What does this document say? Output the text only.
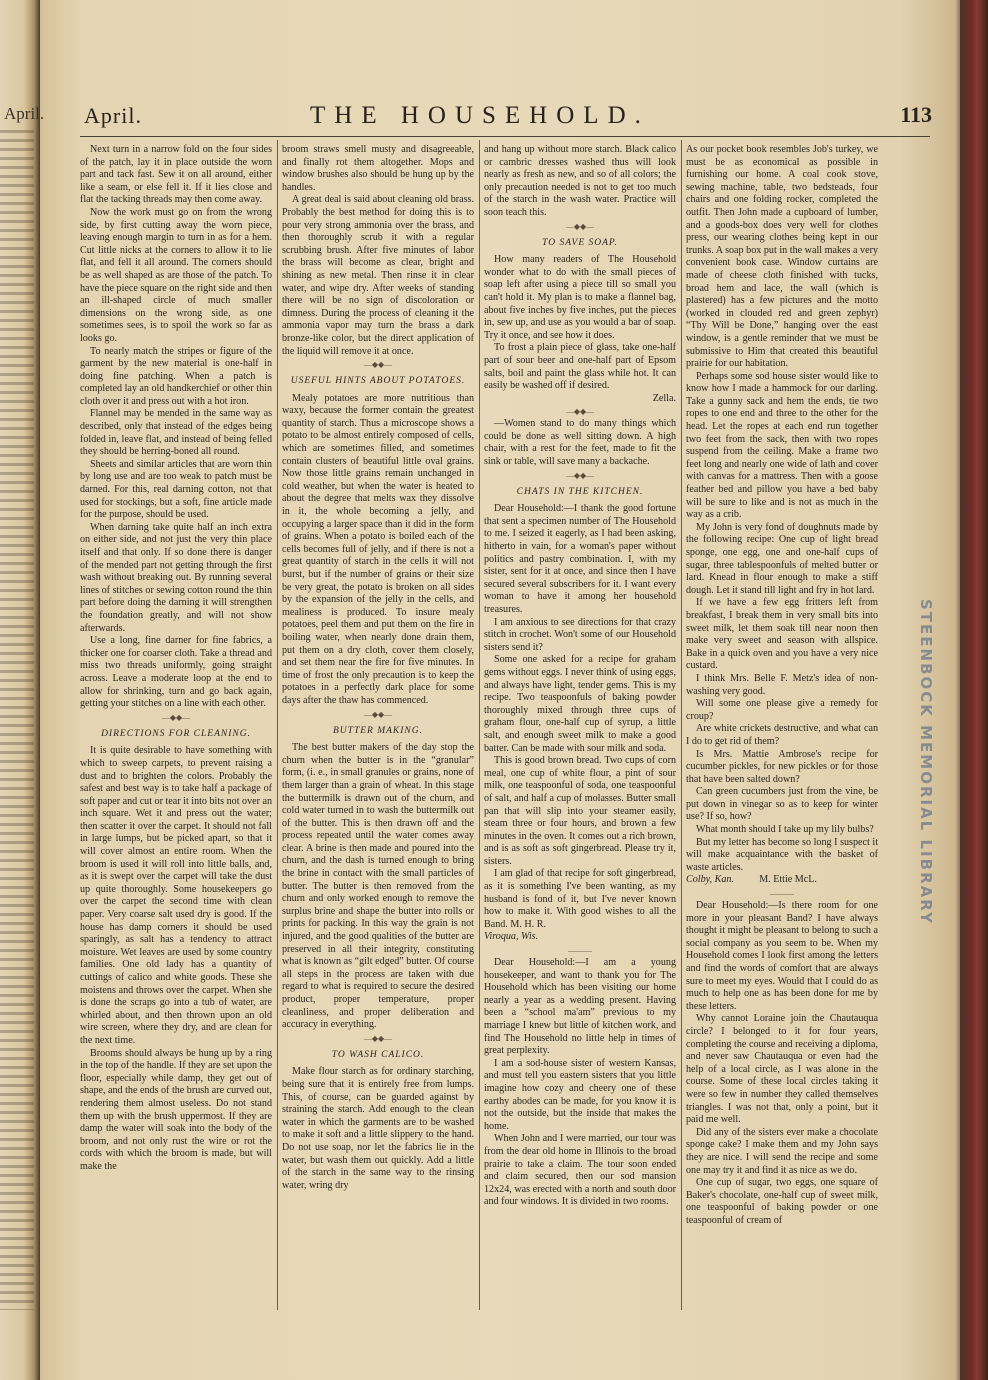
April.
STEENBOCK MEMORIAL LIBRARY
April.	THE HOUSEHOLD.	113

Next turn in a narrow fold on the four sides of the patch, lay it in place outside the worn part and tack fast. Sew it on all around, either like a seam, or else fell it. If it lies close and flat the tacking threads may then come away.

Now the work must go on from the wrong side, by first cutting away the worn piece, leaving enough margin to turn in as for a hem. Cut little nicks at the corners to allow it to lie flat, and fell it all around. The corners should be as well shaped as are those of the patch. To have the piece square on the right side and then an ill-shaped circle of much smaller dimensions on the wrong side, as one sometimes sees, is to spoil the work so far as looks go.

To nearly match the stripes or figure of the garment by the new material is one-half in doing fine patching. When a patch is completed lay an old handkerchief or other thin cloth over it and press out with a hot iron.

Flannel may be mended in the same way as described, only that instead of the edges being folded in, leave flat, and instead of being felled they should be herring-boned all round.

Sheets and similar articles that are worn thin by long use and are too weak to patch must be darned. For this, real darning cotton, not that used for stockings, but a soft, fine article made for the purpose, should be used.

When darning take quite half an inch extra on either side, and not just the very thin place itself and that only. If so done there is danger of the mended part not getting through the first wash without breaking out. By running several lines of stitches or sewing cotton round the thin part before doing the darning it will strengthen the foundation greatly, and will not show afterwards.

Use a long, fine darner for fine fabrics, a thicker one for coarser cloth. Take a thread and miss two threads uniformly, going straight across. Leave a moderate loop at the end to allow for shrinking, turn and go back again, getting your stitches on a line with each other.

—◆◆—

DIRECTIONS FOR CLEANING.

It is quite desirable to have something with which to sweep carpets, to prevent raising a dust and to brighten the colors. Probably the safest and best way is to take half a package of soft paper and cut or tear it into bits not over an inch square. Wet it and press out the water; then scatter it over the carpet. It should not fall in large lumps, but be picked apart, so that it will cover almost an entire room. When the broom is used it will roll into little balls, and, as it is swept over the carpet will take the dust up quite thoroughly. Some housekeepers go over the carpet the second time with clean paper. Very coarse salt used dry is good. If the house has damp corners it should be used sparingly, as salt has a tendency to attract moisture. Wet leaves are used by some country families. One old lady has a quantity of cuttings of calico and white goods. These she moistens and throws over the carpet. When she is done the scraps go into a tub of water, are whirled about, and then thrown upon an old wire screen, where they dry, and are clean for the next time.

Brooms should always be hung up by a ring in the top of the handle. If they are set upon the floor, especially while damp, they get out of shape, and the ends of the brush are curved out, rendering them almost useless. Do not stand them up with the brush uppermost. If they are damp the water will soak into the body of the broom, and not only rust the wire or rot the cords with which the broom is made, but will make the

broom straws smell musty and disagreeable, and finally rot them altogether. Mops and window brushes also should be hung up by the handles.

A great deal is said about cleaning old brass. Probably the best method for doing this is to pour very strong ammonia over the brass, and then thoroughly scrub it with a regular scrubbing brush. After five minutes of labor the brass will become as clear, bright and shining as new metal. Then rinse it in clear water, and wipe dry. After weeks of standing there will be no sign of discoloration or dimness. During the process of cleaning it the ammonia vapor may turn the brass a dark bronze-like color, but the direct application of the liquid will remove it at once.

—◆◆—

USEFUL HINTS ABOUT POTATOES.

Mealy potatoes are more nutritious than waxy, because the former contain the greatest quantity of starch. Thus a microscope shows a potato to be almost entirely composed of cells, which are sometimes filled, and sometimes contain clusters of beautiful little oval grains. Now those little grains remain unchanged in cold weather, but when the water is heated to about the degree that melts wax they dissolve in it, the whole becoming a jelly, and occupying a larger space than it did in the form of grains. When a potato is boiled each of the cells becomes full of jelly, and if there is not a great quantity of starch in the cells it will not burst, but if the number of grains or their size be very great, the potato is broken on all sides by the expansion of the jelly in the cells, and mealiness is produced. To insure mealy potatoes, peel them and put them on the fire in boiling water, when nearly done drain them, put them on a dry cloth, cover them closely, and set them near the fire for five minutes. In time of frost the only precaution is to keep the potatoes in a perfectly dark place for some days after the thaw has commenced.

—◆◆—

BUTTER MAKING.

The best butter makers of the day stop the churn when the butter is in the “granular” form, (i. e., in small granules or grains, none of them larger than a grain of wheat. In this stage the buttermilk is drawn out of the churn, and cold water turned in to wash the buttermilk out of the butter. This is then drawn off and the process repeated until the water comes away clear. A brine is then made and poured into the churn, and the dash is turned enough to bring the brine in contact with the small particles of butter. The butter is then removed from the churn and only worked enough to remove the surplus brine and shape the butter into rolls or prints for packing. In this way the grain is not injured, and the good qualities of the butter are preserved in all their integrity, constituting what is known as “gilt edged” butter. Of course all steps in the process are taken with due regard to what is required to secure the desired product, proper temperature, proper cleanliness, and proper deliberation and accuracy in everything.

—◆◆—

TO WASH CALICO.

Make flour starch as for ordinary starching, being sure that it is entirely free from lumps. This, of course, can be guarded against by straining the starch. Add enough to the clean water in which the garments are to be washed to make it soft and a little slippery to the hand. Do not use soap, nor let the fabrics lie in the water, but wash them out quickly. Add a little of the starch in the same way to the rinsing water, wring dry

and hang up without more starch. Black calico or cambric dresses washed thus will look nearly as fresh as new, and so of all colors; the only precaution needed is not to get too much of the starch in the wash water. Practice will soon teach this.

—◆◆—

TO SAVE SOAP.

How many readers of The Household wonder what to do with the small pieces of soap left after using a piece till so small you can't hold it. My plan is to make a flannel bag, about five inches by five inches, put the pieces in, sew up, and use as you would a bar of soap. Try it once, and see how it does.

To frost a plain piece of glass, take one-half part of sour beer and one-half part of Epsom salts, boil and paint the glass while hot. It can easily be washed off if desired.

Zella.

—◆◆—

—Women stand to do many things which could be done as well sitting down. A high chair, with a rest for the feet, made to fit the sink or table, will save many a backache.

—◆◆—

CHATS IN THE KITCHEN.

Dear Household:—I thank the good fortune that sent a specimen number of The Household to me. I seized it eagerly, as I had been asking, hitherto in vain, for a woman's paper without politics and pastry combination. I, with my sister, sent for it at once, and since then I have secured several subscribers for it. I want every woman to have it among her household treasures.

I am anxious to see directions for that crazy stitch in crochet. Won't some of our Household sisters send it?

Some one asked for a recipe for graham gems without eggs. I never think of using eggs, and always have light, tender gems. This is my recipe. Two teaspoonfuls of baking powder thoroughly mixed through three cups of graham flour, one-half cup of syrup, a little salt, and enough sweet milk to make a good batter. Can be made with sour milk and soda.

This is good brown bread. Two cups of corn meal, one cup of white flour, a pint of sour milk, one teaspoonful of soda, one teaspoonful of salt, and half a cup of molasses. Butter small pan that will slip into your steamer easily, steam three or four hours, and brown a few minutes in the oven. It comes out a rich brown, and is as soft as soft gingerbread. Please try it, sisters.

I am glad of that recipe for soft gingerbread, as it is something I've been wanting, as my husband is fond of it, but I've never known how to make it. With good wishes to all the Band. M. H. R.

Viroqua, Wis.

———

Dear Household:—I am a young housekeeper, and want to thank you for The Household which has been visiting our home nearly a year as a wedding present. Having been a “school ma'am” previous to my marriage I knew but little of kitchen work, and find The Household no little help in times of great perplexity.

I am a sod-house sister of western Kansas, and must tell you eastern sisters that you little imagine how cozy and cheery one of these earthy abodes can be made, for you know it is not the outside, but the inside that makes the home.

When John and I were married, our tour was from the dear old home in Illinois to the broad prairie to take a claim. The tour soon ended and claim secured, then our sod mansion 12x24, was erected with a north and south door and four windows. It is divided in two rooms.

As our pocket book resembles Job's turkey, we must be as economical as possible in furnishing our home. A coal cook stove, sewing machine, table, two bedsteads, four chairs and one folding rocker, completed the outfit. Then John made a cupboard of lumber, and a goods-box does very well for clothes press, our wearing clothes being kept in our trunks. A soap box put in the wall makes a very convenient book case. Window curtains are made of cheese cloth finished with tucks, broad hem and lace, the wall (which is plastered) has a few pictures and the motto (worked in clouded red and green zephyr) “Thy Will be Done,” hanging over the east window, is a gentle reminder that we must be submissive to Him that created this beautiful prairie for our habitation.

Perhaps some sod house sister would like to know how I made a hammock for our darling. Take a gunny sack and hem the ends, tie two ropes to one end and three to the other for the head. Let the ropes at each end run together two feet from the sack, then with two ropes suspend from the ceiling. Make a frame two feet long and nearly one wide of lath and cover with canvas for a mattress. Then with a goose feather bed and pillow you have a bed baby will be sure to like and is not as much in the way as a crib.

My John is very fond of doughnuts made by the following recipe: One cup of light bread sponge, one egg, one and one-half cups of sugar, three tablespoonfuls of melted butter or lard. Knead in flour enough to make a stiff dough. Let it stand till light and fry in hot lard.

If we have a few egg fritters left from breakfast, I break them in very small bits into sweet milk, let them soak till near noon then make very sweet and season with allspice. Bake in a quick oven and you have a very nice custard.

I think Mrs. Belle F. Metz's idea of non-washing very good.

Will some one please give a remedy for croup?

Are white crickets destructive, and what can I do to get rid of them?

Is Mrs. Mattie Ambrose's recipe for cucumber pickles, for new pickles or for those that have been salted down?

Can green cucumbers just from the vine, be put down in vinegar so as to keep for winter use? If so, how?

What month should I take up my lily bulbs?

But my letter has become so long I suspect it will make acquaintance with the basket of waste articles.

Colby, Kan. M. Ettie McL.

———

Dear Household:—Is there room for one more in your pleasant Band? I have always thought it might be pleasant to belong to such a social company as you seem to be. When my Household comes I look first among the letters and find the words of comfort that are always sure to meet my eyes. Would that I could do as much to help one as has been done for me by these letters.

Why cannot Loraine join the Chautauqua circle? I belonged to it for four years, completing the course and receiving a diploma, and never saw Chautauqua or even had the help of a local circle, as I was alone in the course. Some of these local circles taking it were so few in number they called themselves triangles. I was not that, only a point, but it paid me well.

Did any of the sisters ever make a chocolate sponge cake? I make them and my John says they are nice. I will send the recipe and some one may try it and find it as nice as we do.

One cup of sugar, two eggs, one square of Baker's chocolate, one-half cup of sweet milk, one teaspoonful of baking powder or one teaspoonful of cream of
